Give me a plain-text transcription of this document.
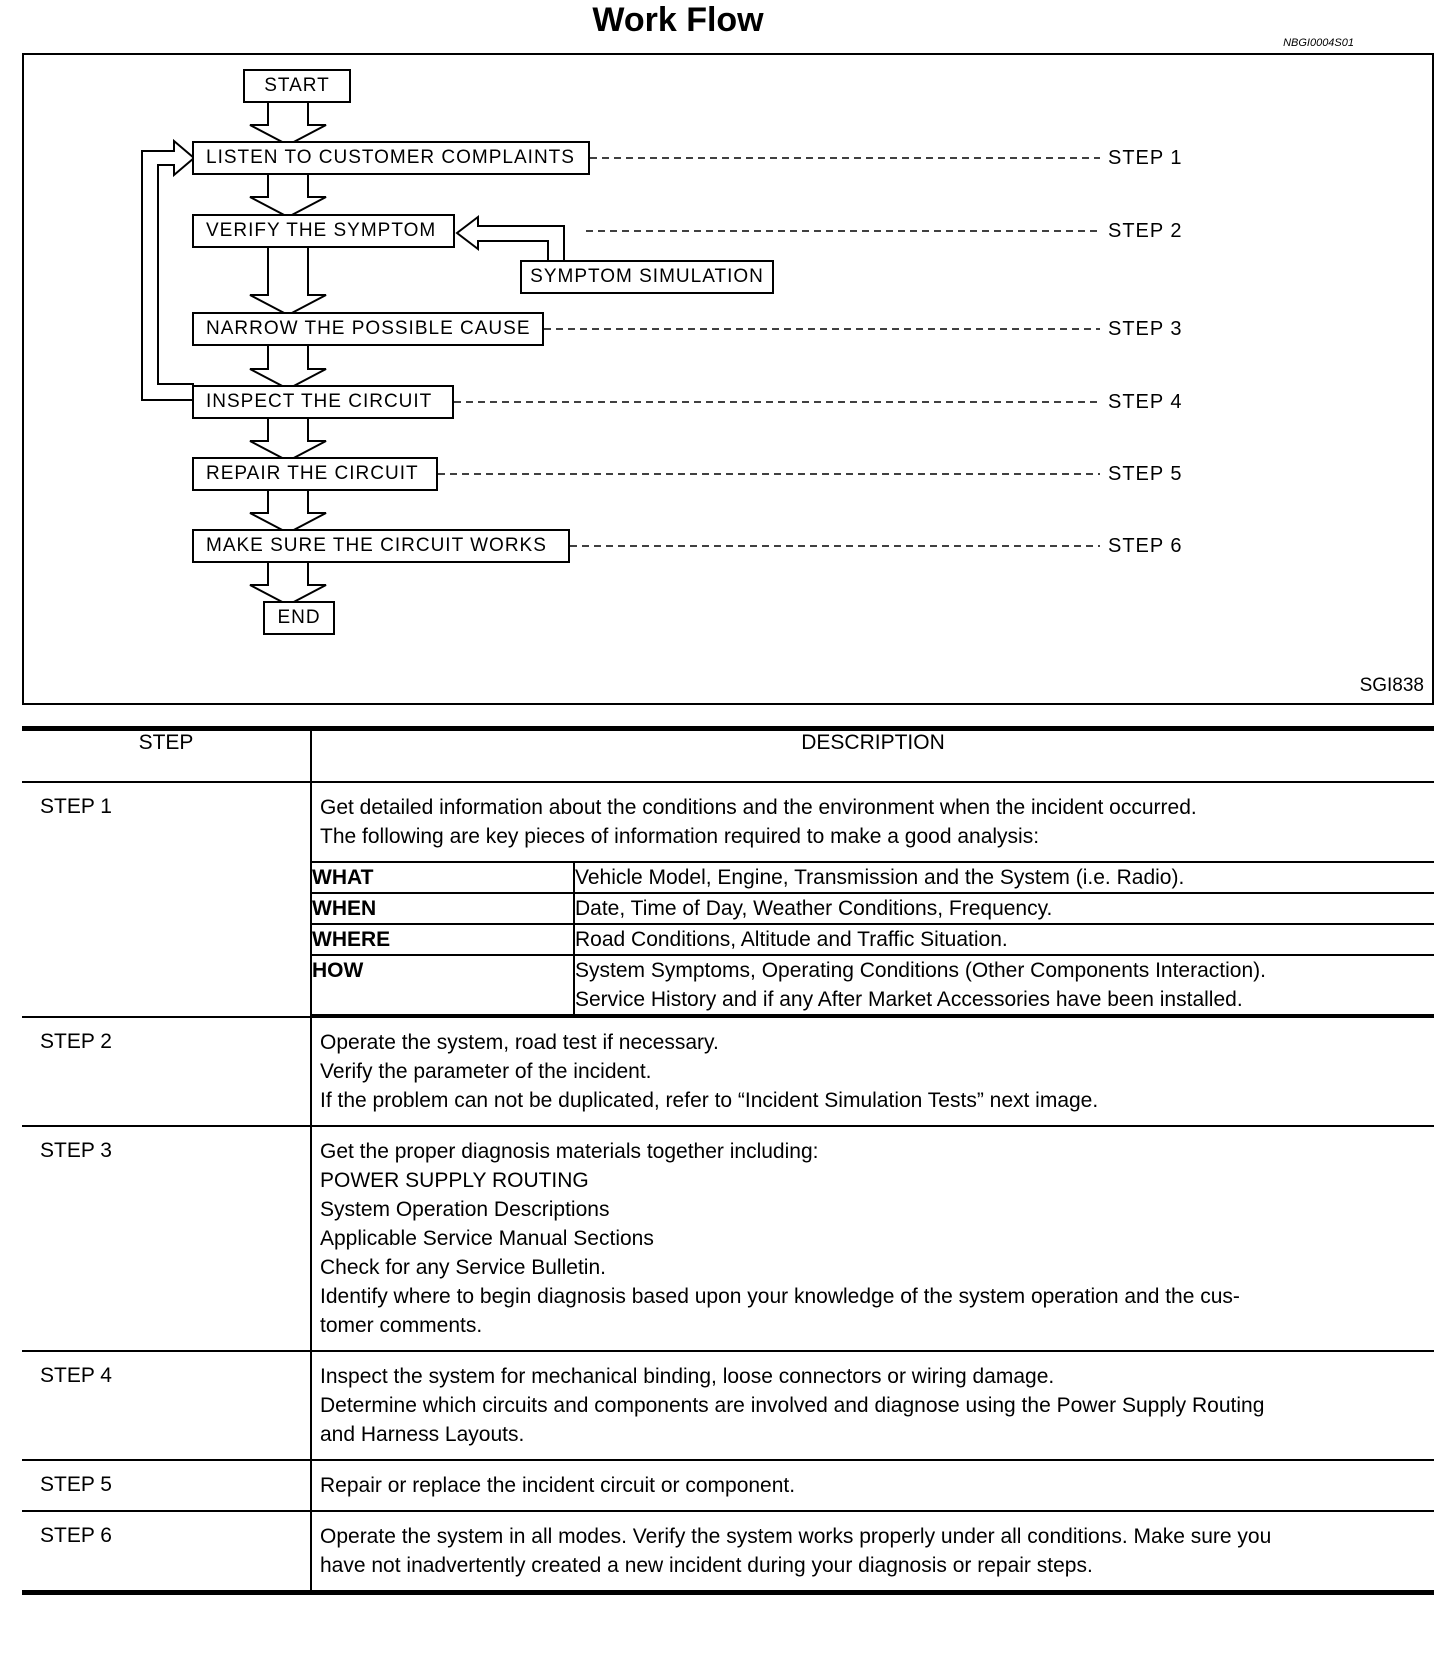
Work Flow
NBGI0004S01
START
LISTEN TO CUSTOMER COMPLAINTS
VERIFY THE SYMPTOM
SYMPTOM SIMULATION
NARROW THE POSSIBLE CAUSE
INSPECT THE CIRCUIT
REPAIR THE CIRCUIT
MAKE SURE THE CIRCUIT WORKS
END
STEP 1
STEP 2
STEP 3
STEP 4
STEP 5
STEP 6
SGI838
STEP	DESCRIPTION
STEP 1	Get detailed information about the conditions and the environment when the incident occurred.
The following are key pieces of information required to make a good analysis:
WHAT	Vehicle Model, Engine, Transmission and the System (i.e. Radio).

WHEN	Date, Time of Day, Weather Conditions, Frequency.

WHERE	Road Conditions, Altitude and Traffic Situation.

HOW	System Symptoms, Operating Conditions (Other Components Interaction).
Service History and if any After Market Accessories have been installed.

STEP 2	Operate the system, road test if necessary.
Verify the parameter of the incident.
If the problem can not be duplicated, refer to “Incident Simulation Tests” next image.

STEP 3	Get the proper diagnosis materials together including:
POWER SUPPLY ROUTING
System Operation Descriptions
Applicable Service Manual Sections
Check for any Service Bulletin.
Identify where to begin diagnosis based upon your knowledge of the system operation and the cus-
tomer comments.

STEP 4	Inspect the system for mechanical binding, loose connectors or wiring damage.
Determine which circuits and components are involved and diagnose using the Power Supply Routing
and Harness Layouts.

STEP 5	Repair or replace the incident circuit or component.

STEP 6	Operate the system in all modes. Verify the system works properly under all conditions. Make sure you
have not inadvertently created a new incident during your diagnosis or repair steps.
